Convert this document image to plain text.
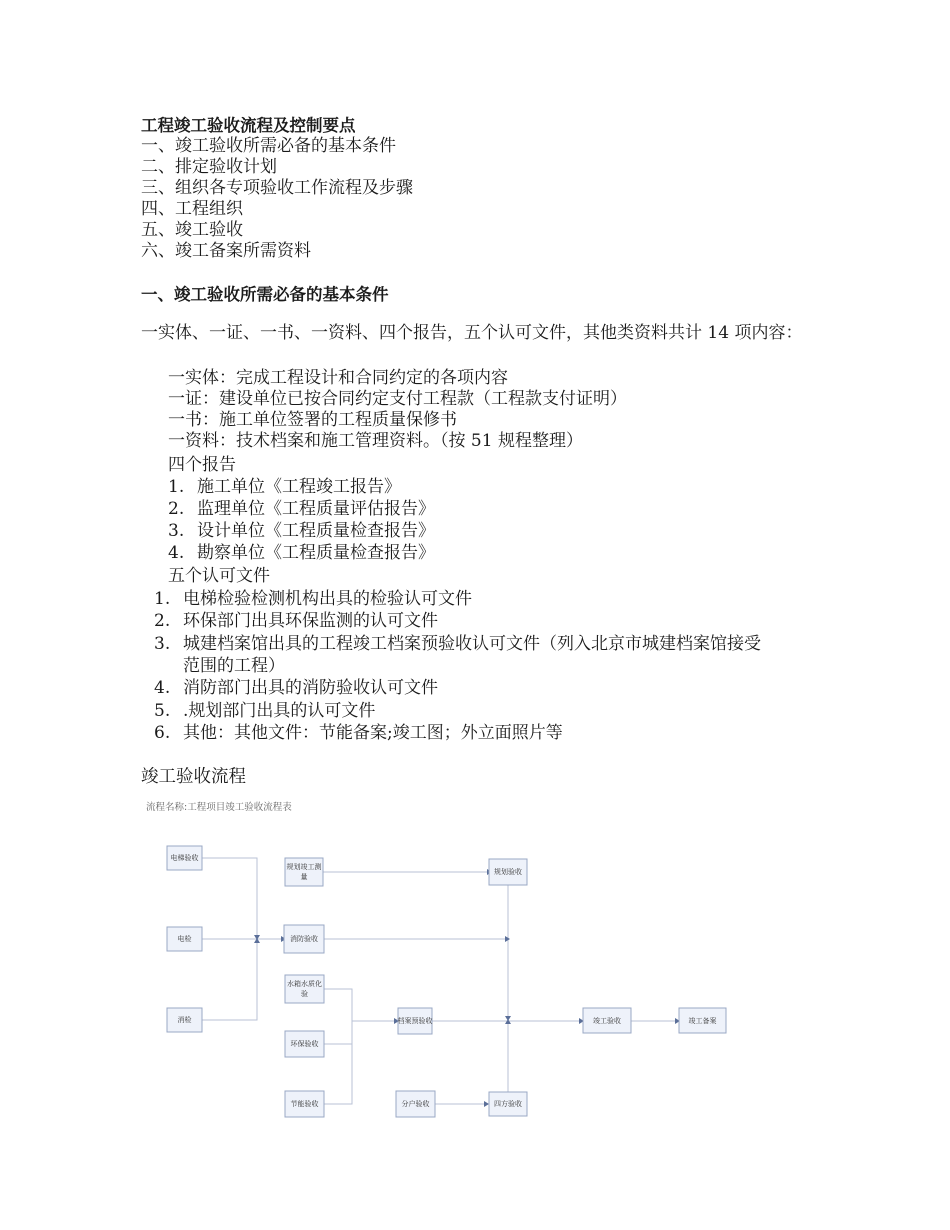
工程竣工验收流程及控制要点
一、竣工验收所需必备的基本条件
二、排定验收计划
三、组织各专项验收工作流程及步骤
四、工程组织
五、竣工验收
六、竣工备案所需资料
一、竣工验收所需必备的基本条件
一实体、一证、一书、一资料、四个报告，五个认可文件，其他类资料共计 14 项内容：
一实体：完成工程设计和合同约定的各项内容
一证：建设单位已按合同约定支付工程款（工程款支付证明）
一书：施工单位签署的工程质量保修书
一资料：技术档案和施工管理资料。（按 51 规程整理）
四个报告
1. 施工单位《工程竣工报告》
2. 监理单位《工程质量评估报告》
3. 设计单位《工程质量检查报告》
4. 勘察单位《工程质量检查报告》
五个认可文件
1. 电梯检验检测机构出具的检验认可文件
2. 环保部门出具环保监测的认可文件
3. 城建档案馆出具的工程竣工档案预验收认可文件（列入北京市城建档案馆接受
范围的工程）
4. 消防部门出具的消防验收认可文件
5. .规划部门出具的认可文件
6. 其他：其他文件：节能备案;竣工图；外立面照片等
竣工验收流程
流程名称:工程项目竣工验收流程表
电梯验收
电检
消检
规划竣工测
量
消防验收
水箱水质化
验
环保验收
节能验收
档案预验收
分户验收
规划验收
四方验收
竣工验收	竣工备案
